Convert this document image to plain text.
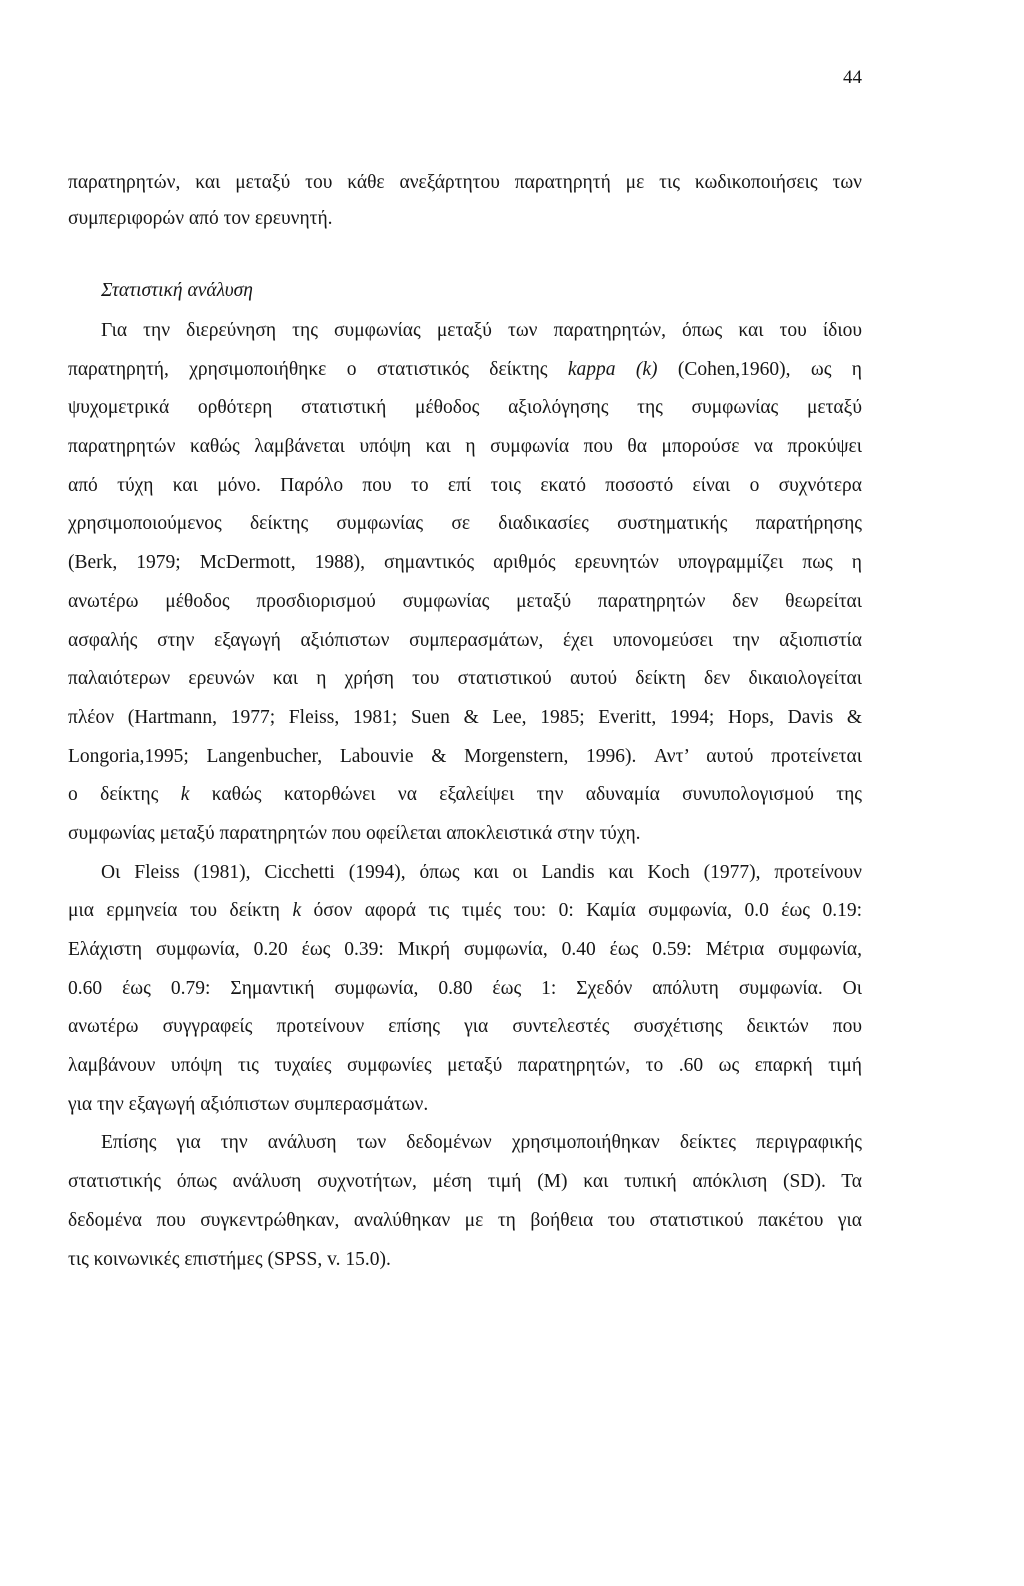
44
παρατηρητών, και μεταξύ του κάθε ανεξάρτητου παρατηρητή με τις κωδικοποιήσεις των
συμπεριφορών από τον ερευνητή.
Στατιστική ανάλυση
Για την διερεύνηση της συμφωνίας μεταξύ των παρατηρητών, όπως και του ίδιου
παρατηρητή, χρησιμοποιήθηκε ο στατιστικός δείκτης kappa (k) (Cohen,1960), ως η
ψυχομετρικά ορθότερη στατιστική μέθοδος αξιολόγησης της συμφωνίας μεταξύ
παρατηρητών καθώς λαμβάνεται υπόψη και η συμφωνία που θα μπορούσε να προκύψει
από τύχη και μόνο. Παρόλο που το επί τοις εκατό ποσοστό είναι ο συχνότερα
χρησιμοποιούμενος δείκτης συμφωνίας σε διαδικασίες συστηματικής παρατήρησης
(Berk, 1979; McDermott, 1988), σημαντικός αριθμός ερευνητών υπογραμμίζει πως η
ανωτέρω μέθοδος προσδιορισμού συμφωνίας μεταξύ παρατηρητών δεν θεωρείται
ασφαλής στην εξαγωγή αξιόπιστων συμπερασμάτων, έχει υπονομεύσει την αξιοπιστία
παλαιότερων ερευνών και η χρήση του στατιστικού αυτού δείκτη δεν δικαιολογείται
πλέον (Hartmann, 1977; Fleiss, 1981; Suen & Lee, 1985; Everitt, 1994; Hops, Davis &
Longoria,1995; Langenbucher, Labouvie & Morgenstern, 1996). Αντ’ αυτού προτείνεται
ο δείκτης k καθώς κατορθώνει να εξαλείψει την αδυναμία συνυπολογισμού της
συμφωνίας μεταξύ παρατηρητών που οφείλεται αποκλειστικά στην τύχη.
Οι Fleiss (1981), Cicchetti (1994), όπως και οι Landis και Koch (1977), προτείνουν
μια ερμηνεία του δείκτη k όσον αφορά τις τιμές του: 0: Καμία συμφωνία, 0.0 έως 0.19:
Ελάχιστη συμφωνία, 0.20 έως 0.39: Μικρή συμφωνία, 0.40 έως 0.59: Μέτρια συμφωνία,
0.60 έως 0.79: Σημαντική συμφωνία, 0.80 έως 1: Σχεδόν απόλυτη συμφωνία. Οι
ανωτέρω συγγραφείς προτείνουν επίσης για συντελεστές συσχέτισης δεικτών που
λαμβάνουν υπόψη τις τυχαίες συμφωνίες μεταξύ παρατηρητών, το .60 ως επαρκή τιμή
για την εξαγωγή αξιόπιστων συμπερασμάτων.
Επίσης για την ανάλυση των δεδομένων χρησιμοποιήθηκαν δείκτες περιγραφικής
στατιστικής όπως ανάλυση συχνοτήτων, μέση τιμή (M) και τυπική απόκλιση (SD). Τα
δεδομένα που συγκεντρώθηκαν, αναλύθηκαν με τη βοήθεια του στατιστικού πακέτου για
τις κοινωνικές επιστήμες (SPSS, v. 15.0).
